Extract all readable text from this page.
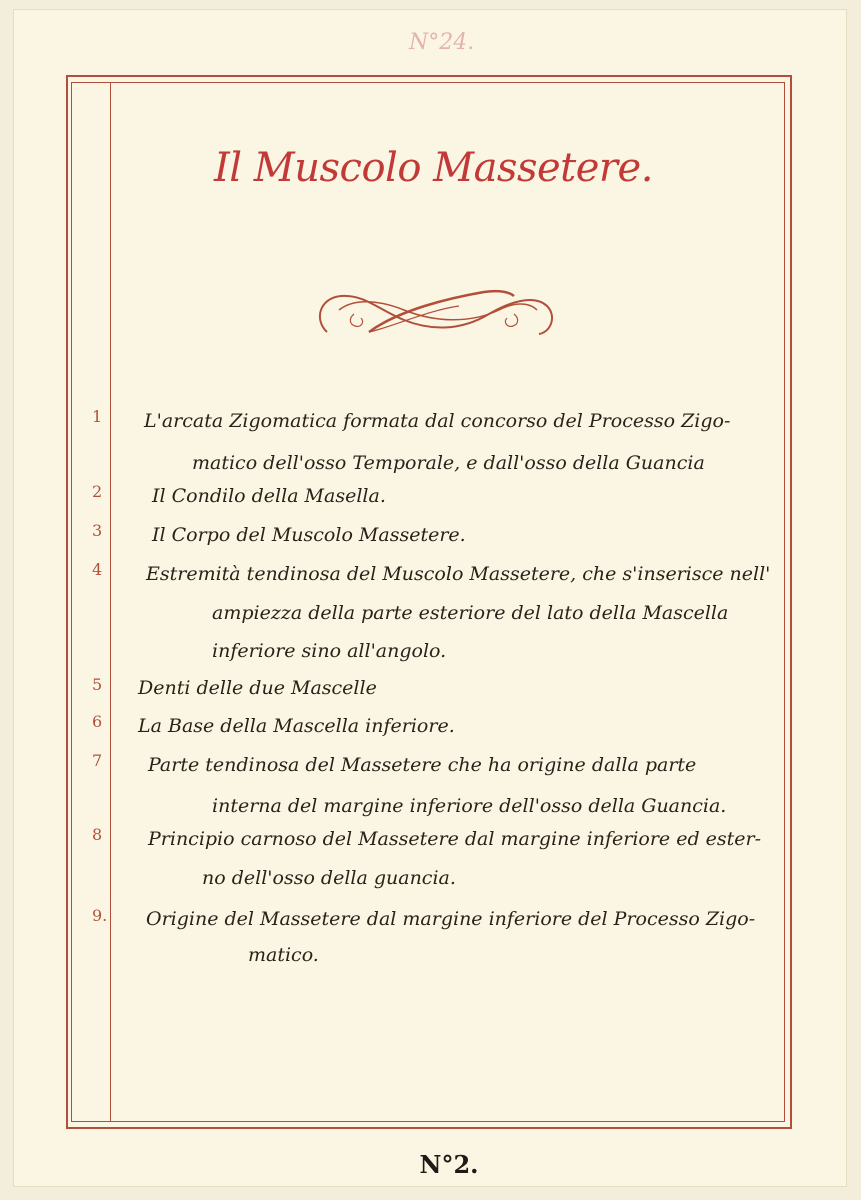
N°24.
Il Muscolo Massetere.
1	L'arcata Zigomatica formata dal concorso del Processo Zigo-
matico dell'osso Temporale, e dall'osso della Guancia
2	Il Condilo della Masella.
3	Il Corpo del Muscolo Massetere.
4	Estremità tendinosa del Muscolo Massetere, che s'inserisce nell'
ampiezza della parte esteriore del lato della Mascella
inferiore sino all'angolo.
5	Denti delle due Mascelle
6	La Base della Mascella inferiore.
7	Parte tendinosa del Massetere che ha origine dalla parte
interna del margine inferiore dell'osso della Guancia.
8	Principio carnoso del Massetere dal margine inferiore ed ester-
no dell'osso della guancia.
9.	Origine del Massetere dal margine inferiore del Processo Zigo-
matico.
N°2.
